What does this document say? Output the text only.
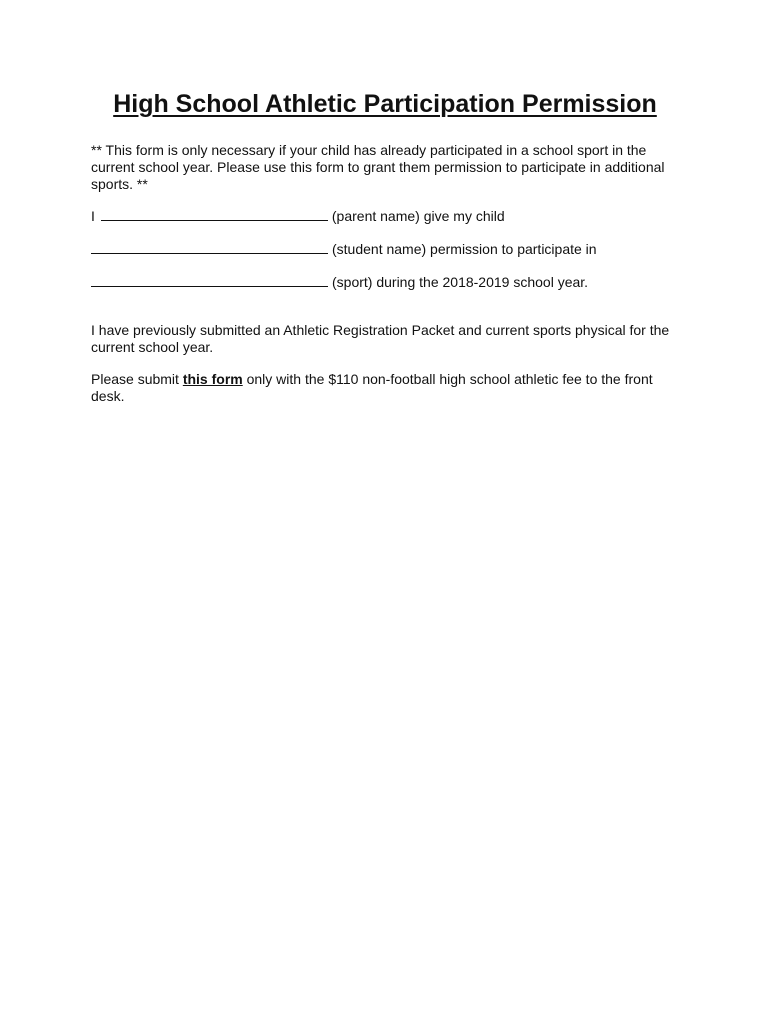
High School Athletic Participation Permission

** This form is only necessary if your child has already participated in a school sport in the current school year. Please use this form to grant them permission to participate in additional sports. **

I	(parent name) give my child
(student name) permission to participate in
(sport) during the 2018-2019 school year.

I have previously submitted an Athletic Registration Packet and current sports physical for the current school year.

Please submit this form only with the $110 non-football high school athletic fee to the front desk.
